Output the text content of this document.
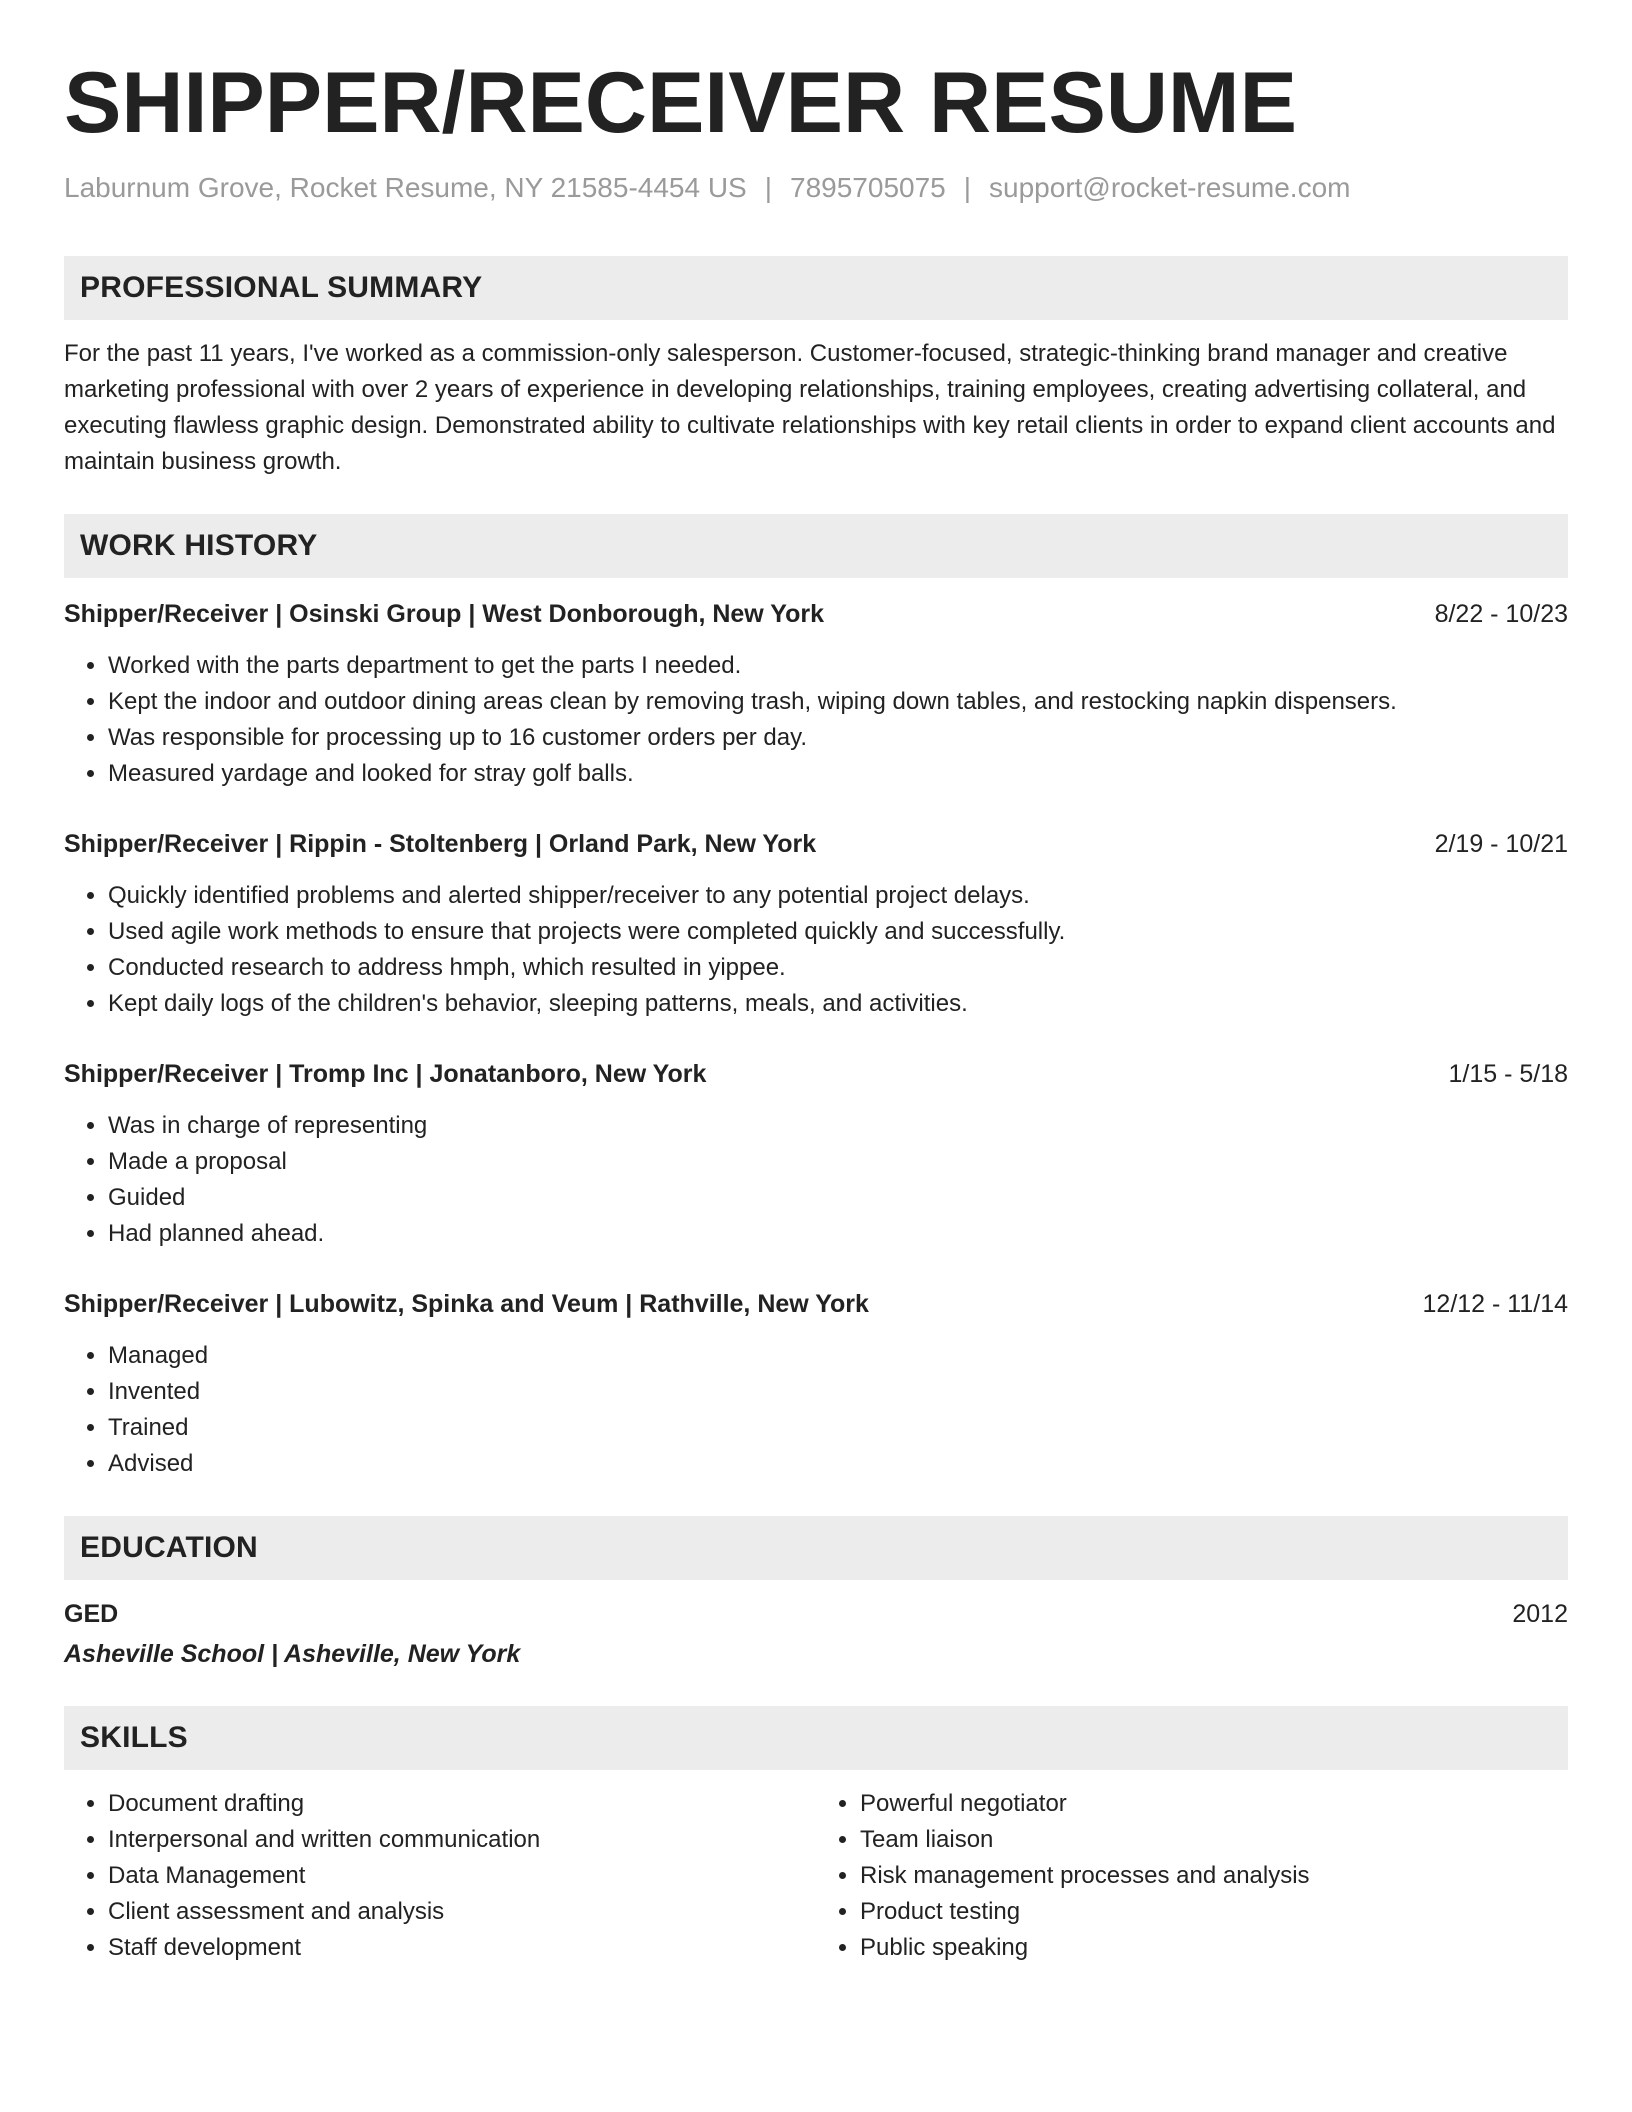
SHIPPER/RECEIVER RESUME
Laburnum Grove, Rocket Resume, NY 21585-4454 US | 7895705075 | support@rocket-resume.com
PROFESSIONAL SUMMARY
For the past 11 years, I've worked as a commission-only salesperson. Customer-focused, strategic-thinking brand manager and creative marketing professional with over 2 years of experience in developing relationships, training employees, creating advertising collateral, and executing flawless graphic design. Demonstrated ability to cultivate relationships with key retail clients in order to expand client accounts and maintain business growth.
WORK HISTORY
Shipper/Receiver | Osinski Group | West Donborough, New York	8/22 - 10/23
• Worked with the parts department to get the parts I needed.
• Kept the indoor and outdoor dining areas clean by removing trash, wiping down tables, and restocking napkin dispensers.
• Was responsible for processing up to 16 customer orders per day.
• Measured yardage and looked for stray golf balls.
Shipper/Receiver | Rippin - Stoltenberg | Orland Park, New York	2/19 - 10/21
• Quickly identified problems and alerted shipper/receiver to any potential project delays.
• Used agile work methods to ensure that projects were completed quickly and successfully.
• Conducted research to address hmph, which resulted in yippee.
• Kept daily logs of the children's behavior, sleeping patterns, meals, and activities.
Shipper/Receiver | Tromp Inc | Jonatanboro, New York	1/15 - 5/18
• Was in charge of representing
• Made a proposal
• Guided
• Had planned ahead.
Shipper/Receiver | Lubowitz, Spinka and Veum | Rathville, New York	12/12 - 11/14
• Managed
• Invented
• Trained
• Advised
EDUCATION
GED	2012
Asheville School | Asheville, New York
SKILLS
• Document drafting
• Interpersonal and written communication
• Data Management
• Client assessment and analysis
• Staff development
• Powerful negotiator
• Team liaison
• Risk management processes and analysis
• Product testing
• Public speaking
